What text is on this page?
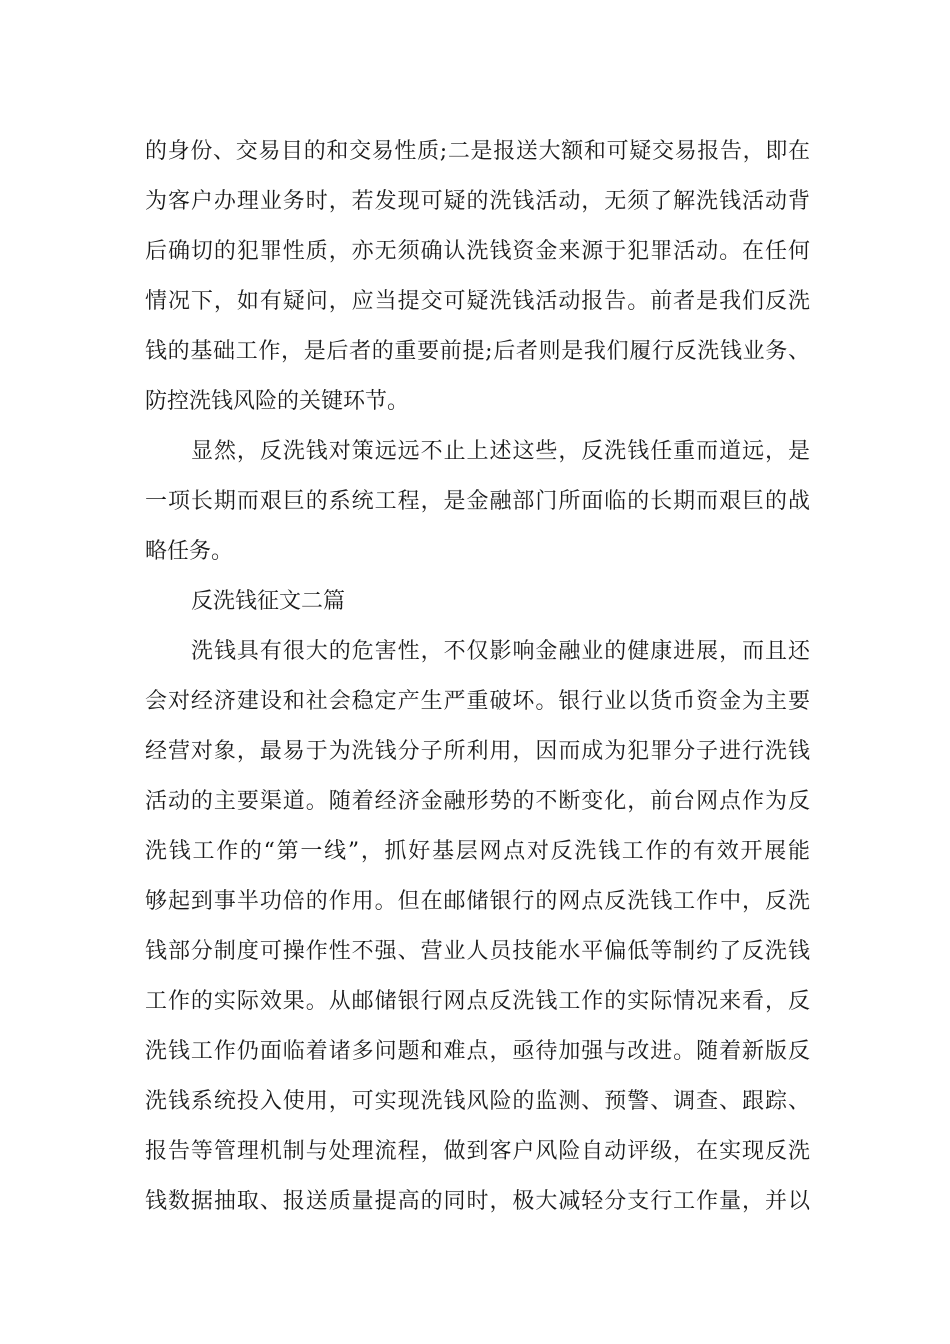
的身份、交易目的和交易性质;二是报送大额和可疑交易报告，即在
为客户办理业务时，若发现可疑的洗钱活动，无须了解洗钱活动背
后确切的犯罪性质，亦无须确认洗钱资金来源于犯罪活动。在任何
情况下，如有疑问，应当提交可疑洗钱活动报告。前者是我们反洗
钱的基础工作，是后者的重要前提;后者则是我们履行反洗钱业务、
防控洗钱风险的关键环节。
显然，反洗钱对策远远不止上述这些，反洗钱任重而道远，是
一项长期而艰巨的系统工程，是金融部门所面临的长期而艰巨的战
略任务。
反洗钱征文二篇
洗钱具有很大的危害性，不仅影响金融业的健康进展，而且还
会对经济建设和社会稳定产生严重破坏。银行业以货币资金为主要
经营对象，最易于为洗钱分子所利用，因而成为犯罪分子进行洗钱
活动的主要渠道。随着经济金融形势的不断变化，前台网点作为反
洗钱工作的“第一线”，抓好基层网点对反洗钱工作的有效开展能
够起到事半功倍的作用。但在邮储银行的网点反洗钱工作中，反洗
钱部分制度可操作性不强、营业人员技能水平偏低等制约了反洗钱
工作的实际效果。从邮储银行网点反洗钱工作的实际情况来看，反
洗钱工作仍面临着诸多问题和难点，亟待加强与改进。随着新版反
洗钱系统投入使用，可实现洗钱风险的监测、预警、调查、跟踪、
报告等管理机制与处理流程，做到客户风险自动评级，在实现反洗
钱数据抽取、报送质量提高的同时，极大减轻分支行工作量，并以
